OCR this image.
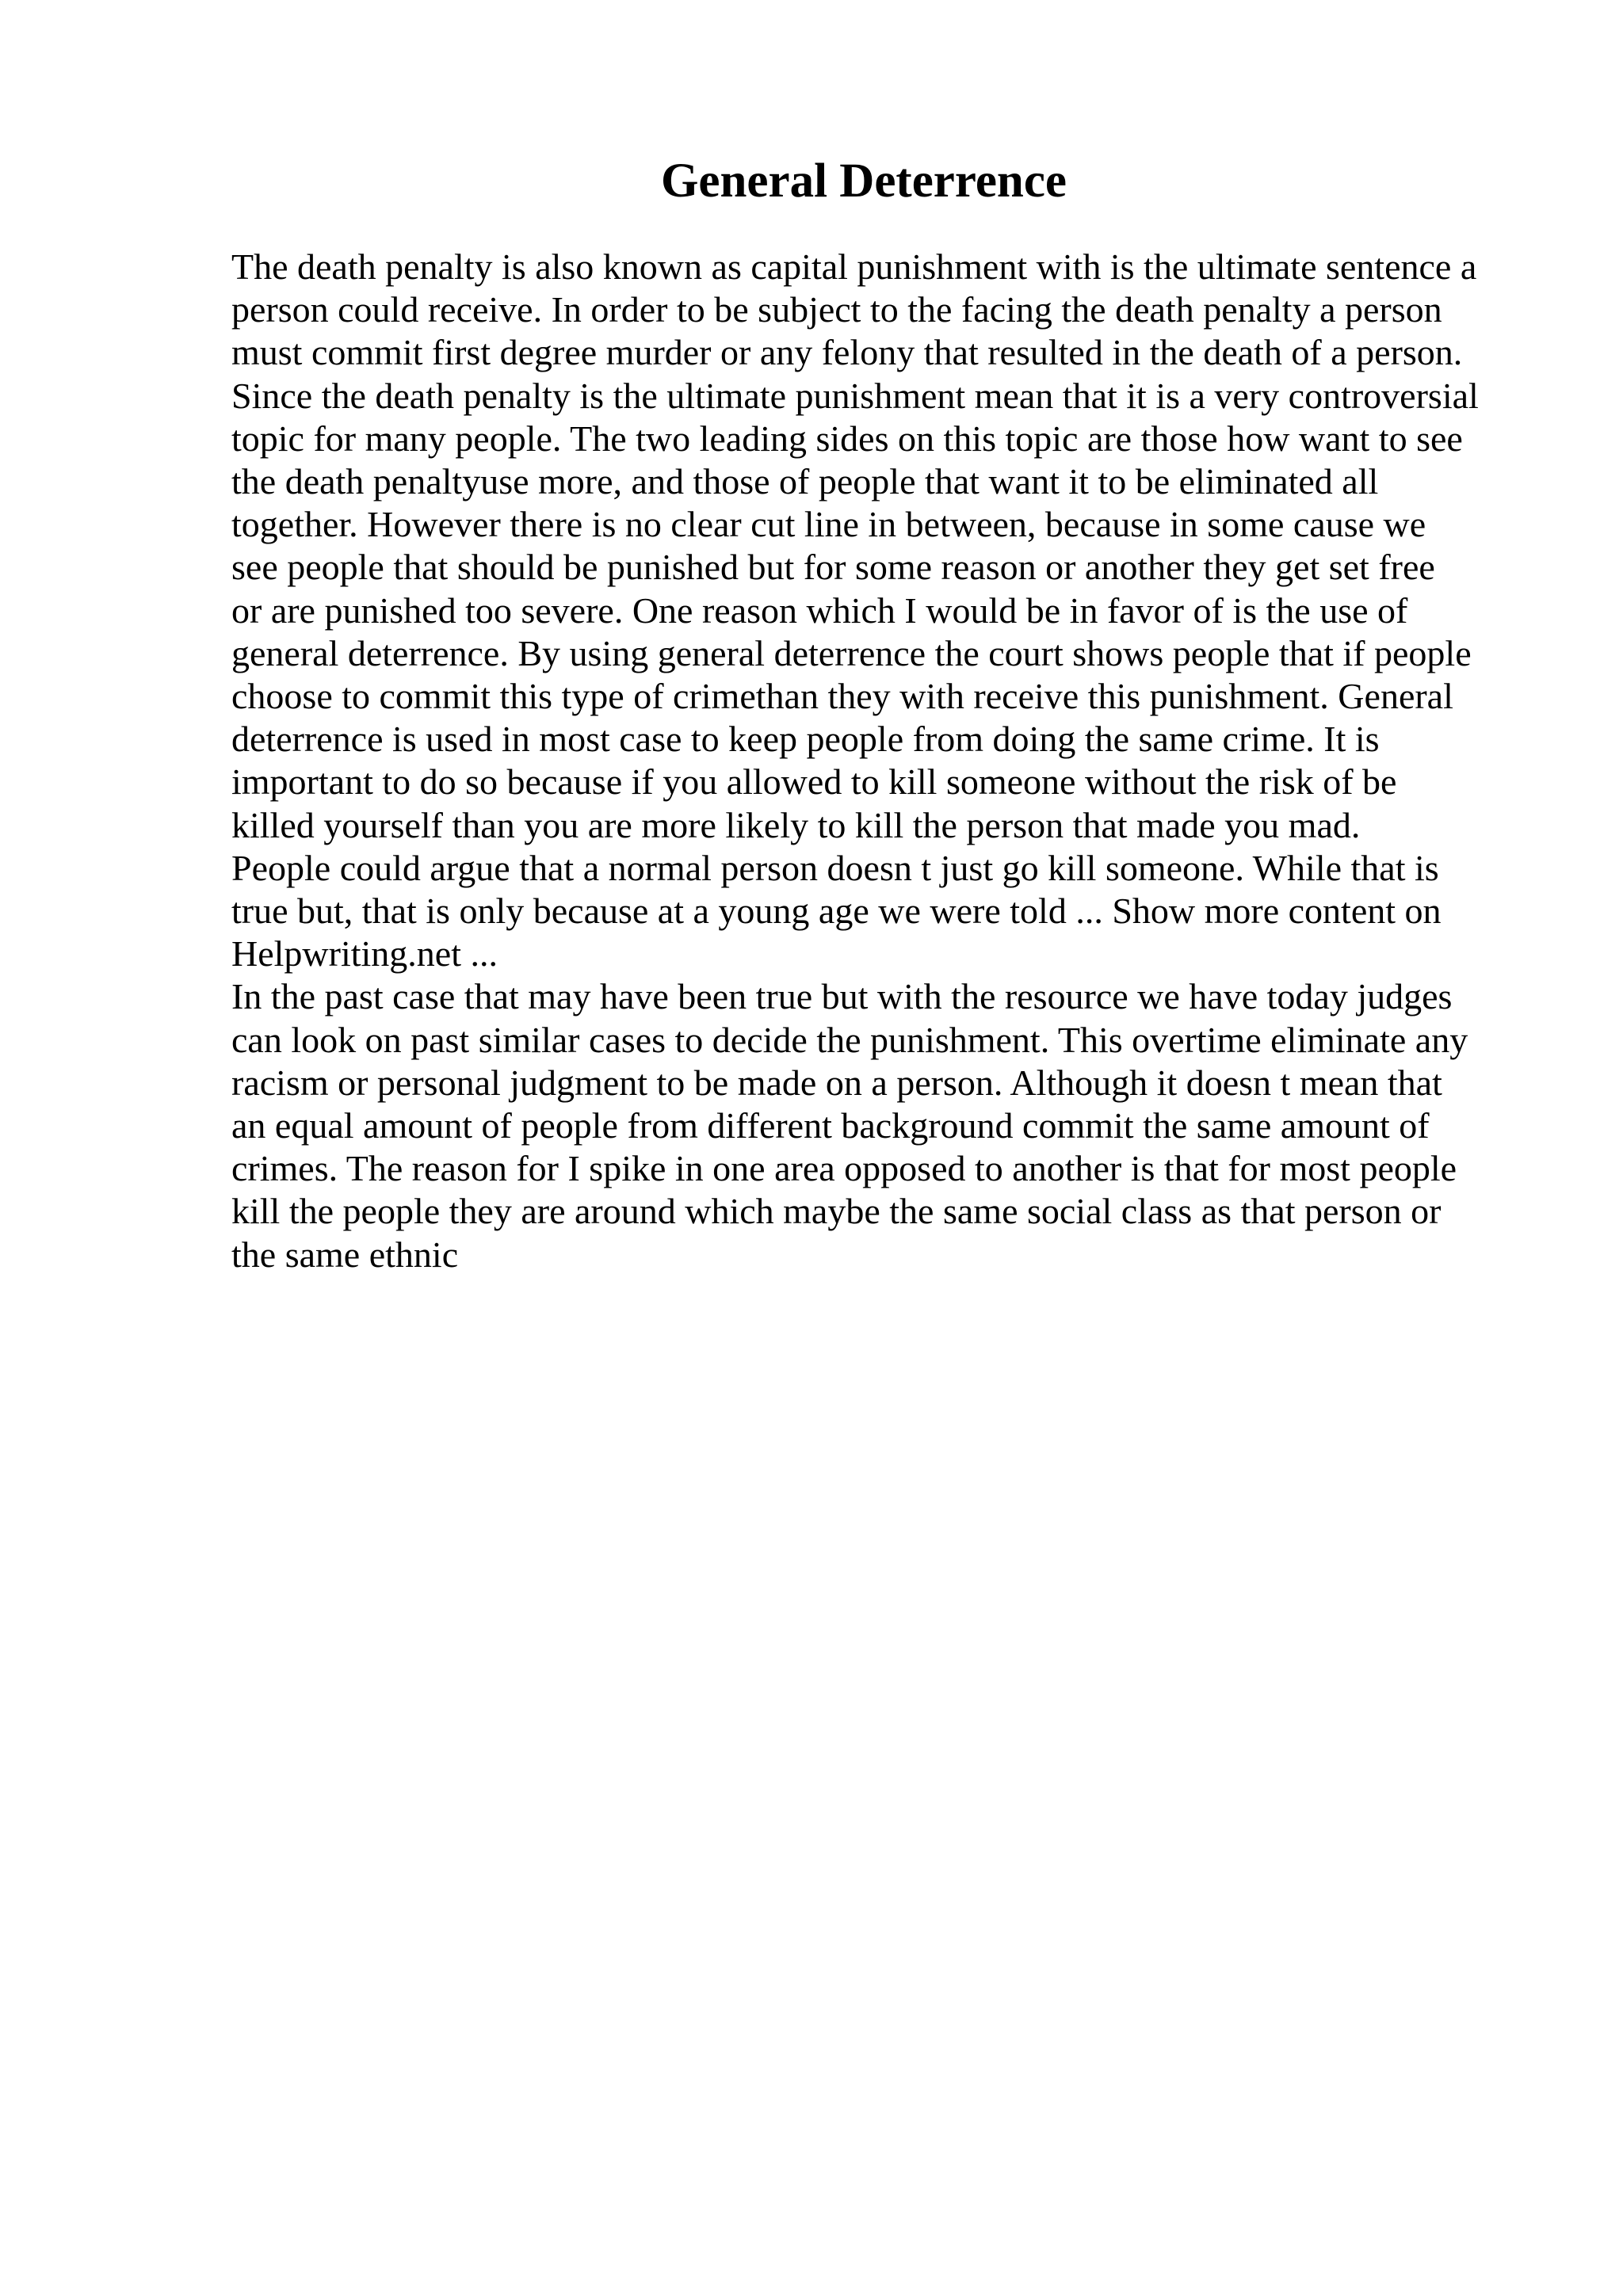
General Deterrence
The death penalty is also known as capital punishment with is the ultimate sentence a
person could receive. In order to be subject to the facing the death penalty a person
must commit first degree murder or any felony that resulted in the death of a person.
Since the death penalty is the ultimate punishment mean that it is a very controversial
topic for many people. The two leading sides on this topic are those how want to see
the death penaltyuse more, and those of people that want it to be eliminated all
together. However there is no clear cut line in between, because in some cause we
see people that should be punished but for some reason or another they get set free
or are punished too severe. One reason which I would be in favor of is the use of
general deterrence. By using general deterrence the court shows people that if people
choose to commit this type of crimethan they with receive this punishment. General
deterrence is used in most case to keep people from doing the same crime. It is
important to do so because if you allowed to kill someone without the risk of be
killed yourself than you are more likely to kill the person that made you mad.
People could argue that a normal person doesn t just go kill someone. While that is
true but, that is only because at a young age we were told ... Show more content on
Helpwriting.net ...
In the past case that may have been true but with the resource we have today judges
can look on past similar cases to decide the punishment. This overtime eliminate any
racism or personal judgment to be made on a person. Although it doesn t mean that
an equal amount of people from different background commit the same amount of
crimes. The reason for I spike in one area opposed to another is that for most people
kill the people they are around which maybe the same social class as that person or
the same ethnic
